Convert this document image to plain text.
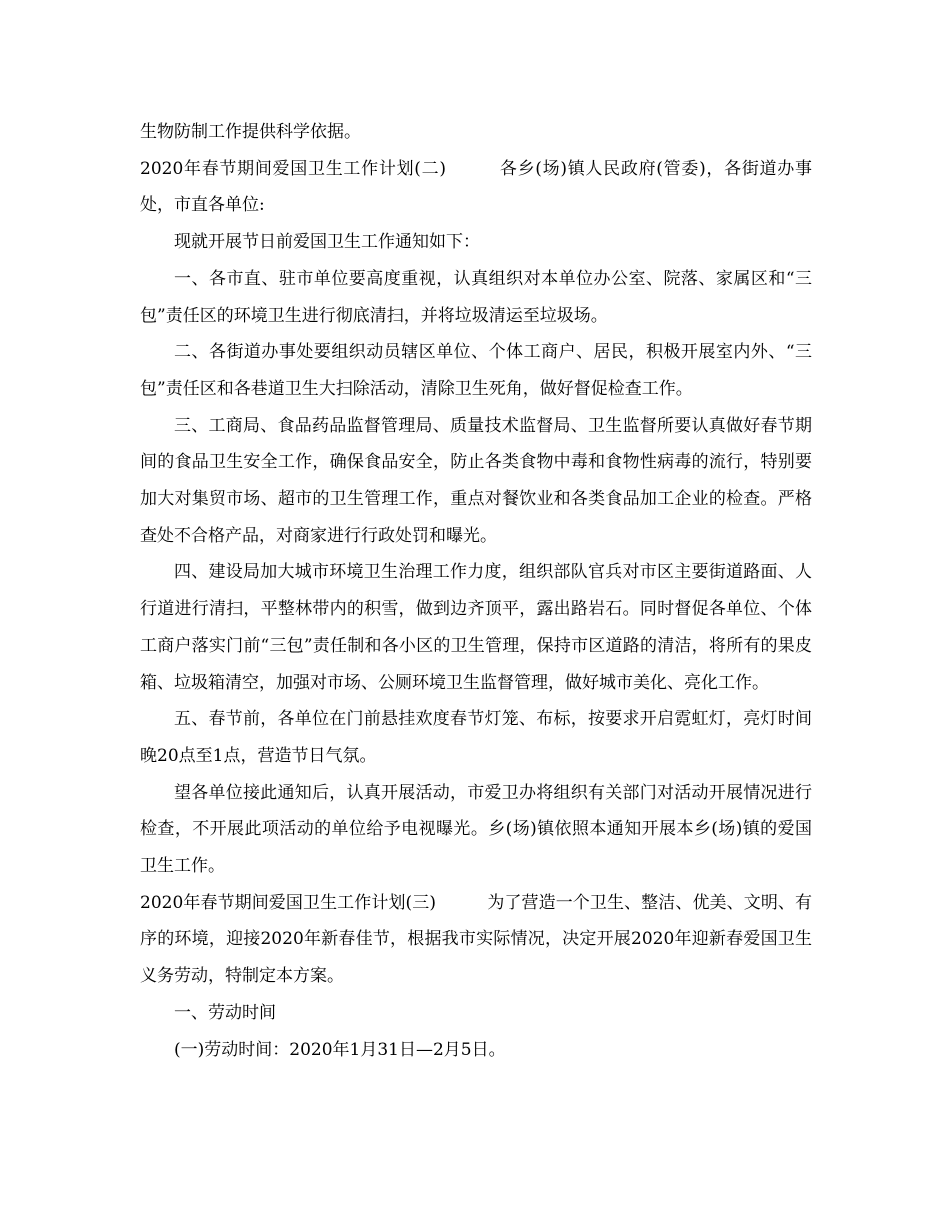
生物防制工作提供科学依据。

2020年春节期间爱国卫生工作计划(二)　　　各乡(场)镇人民政府(管委)，各街道办事处，市直各单位:

现就开展节日前爱国卫生工作通知如下：

一、各市直、驻市单位要高度重视，认真组织对本单位办公室、院落、家属区和“三包”责任区的环境卫生进行彻底清扫，并将垃圾清运至垃圾场。

二、各街道办事处要组织动员辖区单位、个体工商户、居民，积极开展室内外、“三包”责任区和各巷道卫生大扫除活动，清除卫生死角，做好督促检查工作。

三、工商局、食品药品监督管理局、质量技术监督局、卫生监督所要认真做好春节期间的食品卫生安全工作，确保食品安全，防止各类食物中毒和食物性病毒的流行，特别要加大对集贸市场、超市的卫生管理工作，重点对餐饮业和各类食品加工企业的检查。严格查处不合格产品，对商家进行行政处罚和曝光。

四、建设局加大城市环境卫生治理工作力度，组织部队官兵对市区主要街道路面、人行道进行清扫，平整林带内的积雪，做到边齐顶平，露出路岩石。同时督促各单位、个体工商户落实门前“三包”责任制和各小区的卫生管理，保持市区道路的清洁，将所有的果皮箱、垃圾箱清空，加强对市场、公厕环境卫生监督管理，做好城市美化、亮化工作。

五、春节前，各单位在门前悬挂欢度春节灯笼、布标，按要求开启霓虹灯，亮灯时间晚20点至1点，营造节日气氛。

望各单位接此通知后，认真开展活动，市爱卫办将组织有关部门对活动开展情况进行检查，不开展此项活动的单位给予电视曝光。乡(场)镇依照本通知开展本乡(场)镇的爱国卫生工作。

2020年春节期间爱国卫生工作计划(三)　　　为了营造一个卫生、整洁、优美、文明、有序的环境，迎接2020年新春佳节，根据我市实际情况，决定开展2020年迎新春爱国卫生义务劳动，特制定本方案。

一、劳动时间

(一)劳动时间：2020年1月31日—2月5日。
